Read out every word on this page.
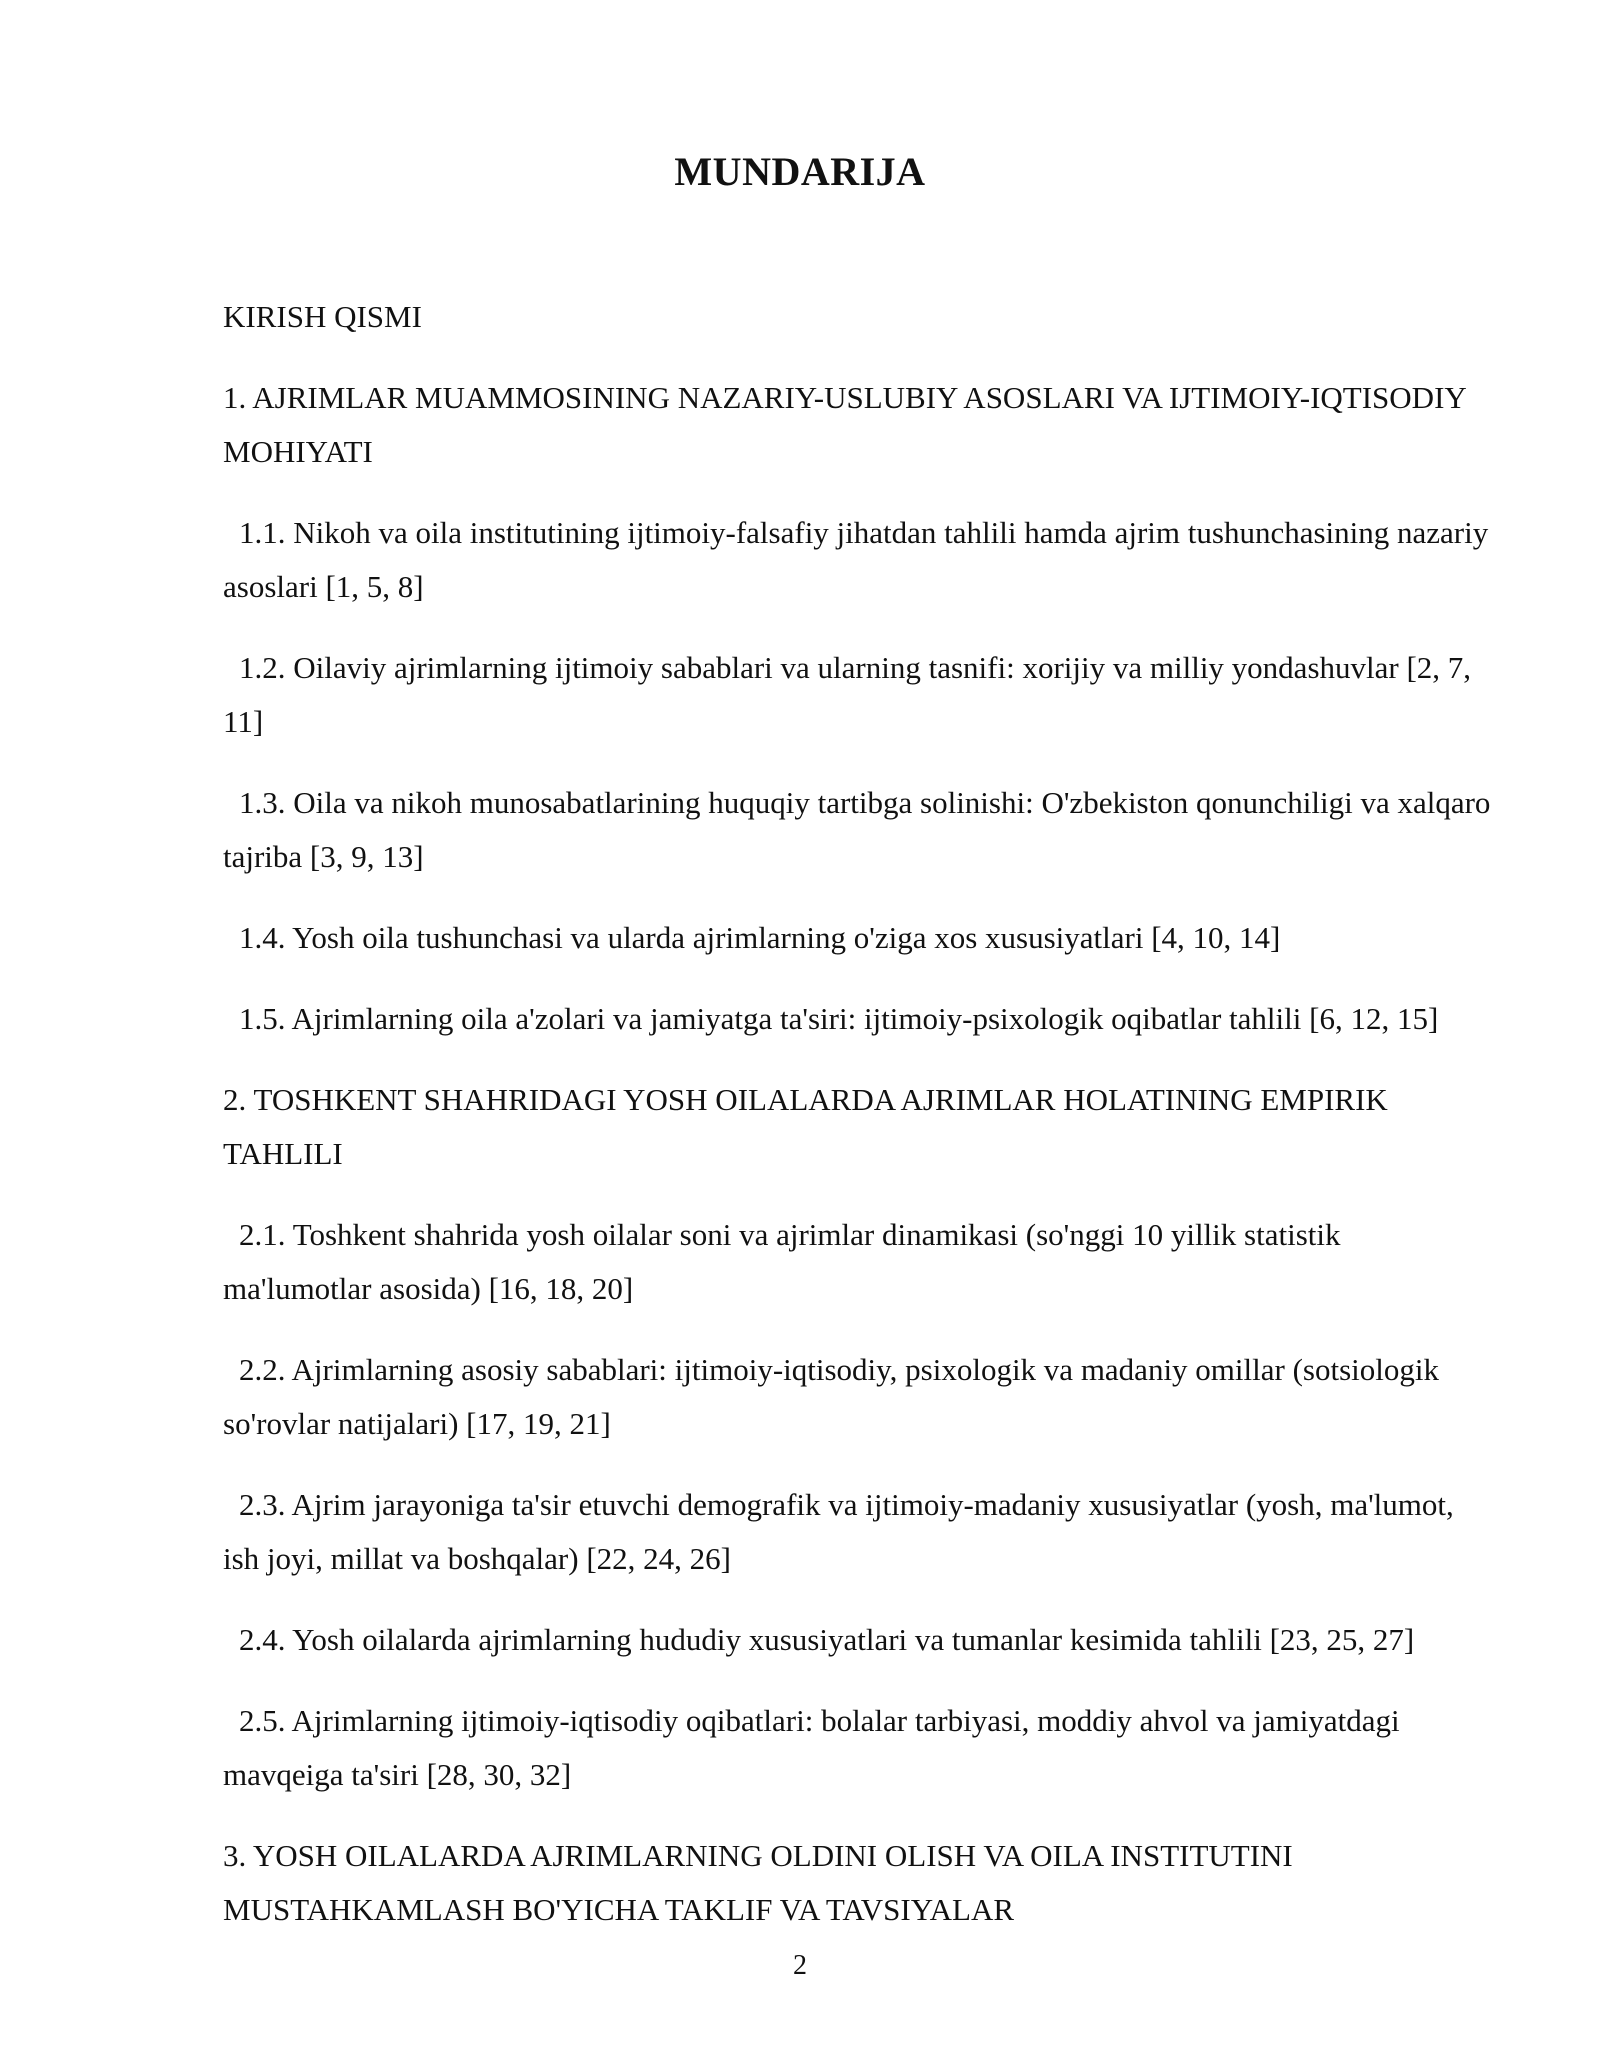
MUNDARIJA
KIRISH QISMI
1. AJRIMLAR MUAMMOSINING NAZARIY-USLUBIY ASOSLARI VA IJTIMOIY-IQTISODIY MOHIYATI
1.1. Nikoh va oila institutining ijtimoiy-falsafiy jihatdan tahlili hamda ajrim tushunchasining nazariy asoslari [1, 5, 8]
1.2. Oilaviy ajrimlarning ijtimoiy sabablari va ularning tasnifi: xorijiy va milliy yondashuvlar [2, 7, 11]
1.3. Oila va nikoh munosabatlarining huquqiy tartibga solinishi: O'zbekiston qonunchiligi va xalqaro tajriba [3, 9, 13]
1.4. Yosh oila tushunchasi va ularda ajrimlarning o'ziga xos xususiyatlari [4, 10, 14]
1.5. Ajrimlarning oila a'zolari va jamiyatga ta'siri: ijtimoiy-psixologik oqibatlar tahlili [6, 12, 15]
2. TOSHKENT SHAHRIDAGI YOSH OILALARDA AJRIMLAR HOLATINING EMPIRIK TAHLILI
2.1. Toshkent shahrida yosh oilalar soni va ajrimlar dinamikasi (so'nggi 10 yillik statistik ma'lumotlar asosida) [16, 18, 20]
2.2. Ajrimlarning asosiy sabablari: ijtimoiy-iqtisodiy, psixologik va madaniy omillar (sotsiologik so'rovlar natijalari) [17, 19, 21]
2.3. Ajrim jarayoniga ta'sir etuvchi demografik va ijtimoiy-madaniy xususiyatlar (yosh, ma'lumot, ish joyi, millat va boshqalar) [22, 24, 26]
2.4. Yosh oilalarda ajrimlarning hududiy xususiyatlari va tumanlar kesimida tahlili [23, 25, 27]
2.5. Ajrimlarning ijtimoiy-iqtisodiy oqibatlari: bolalar tarbiyasi, moddiy ahvol va jamiyatdagi mavqeiga ta'siri [28, 30, 32]
3. YOSH OILALARDA AJRIMLARNING OLDINI OLISH VA OILA INSTITUTINI MUSTAHKAMLASH BO'YICHA TAKLIF VA TAVSIYALAR
2
